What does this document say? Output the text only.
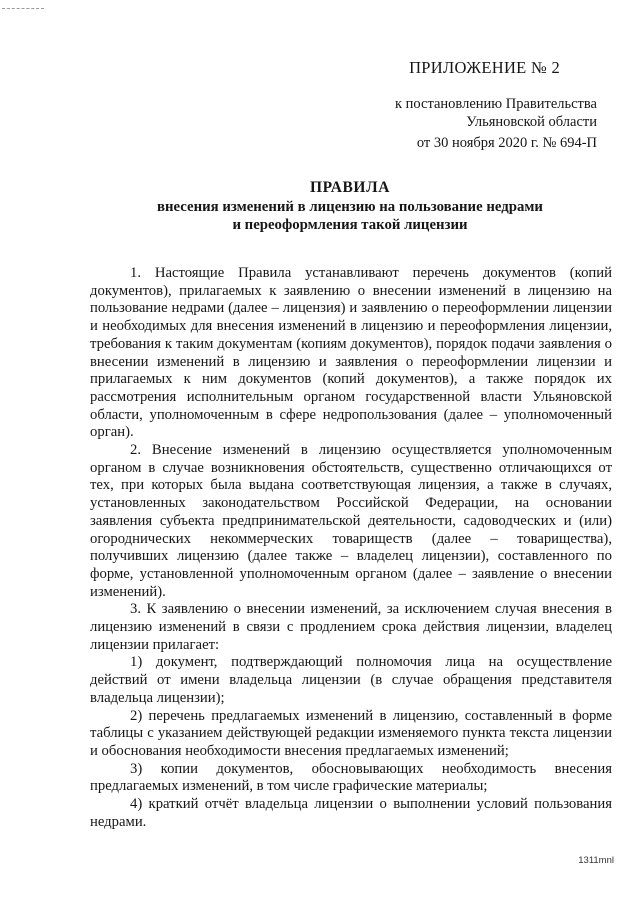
ПРИЛОЖЕНИЕ № 2
к постановлению Правительства
Ульяновской области
от 30 ноября 2020 г. № 694-П
ПРАВИЛА
внесения изменений в лицензию на пользование недрами
и переоформления такой лицензии

1. Настоящие Правила устанавливают перечень документов (копий документов), прилагаемых к заявлению о внесении изменений в лицензию на пользование недрами (далее – лицензия) и заявлению о переоформлении лицензии и необходимых для внесения изменений в лицензию и переоформления лицензии, требования к таким документам (копиям документов), порядок подачи заявления о внесении изменений в лицензию и заявления о переоформлении лицензии и прилагаемых к ним документов (копий документов), а также порядок их рассмотрения исполнительным органом государственной власти Ульяновской области, уполномоченным в сфере недропользования (далее – уполномоченный орган).

2. Внесение изменений в лицензию осуществляется уполномоченным органом в случае возникновения обстоятельств, существенно отличающихся от тех, при которых была выдана соответствующая лицензия, а также в случаях, установленных законодательством Российской Федерации, на основании заявления субъекта предпринимательской деятельности, садоводческих и (или) огороднических некоммерческих товариществ (далее – товарищества), получивших лицензию (далее также – владелец лицензии), составленного по форме, установленной уполномоченным органом (далее – заявление о внесении изменений).

3. К заявлению о внесении изменений, за исключением случая внесения в лицензию изменений в связи с продлением срока действия лицензии, владелец лицензии прилагает:

1) документ, подтверждающий полномочия лица на осуществление действий от имени владельца лицензии (в случае обращения представителя владельца лицензии);

2) перечень предлагаемых изменений в лицензию, составленный в форме таблицы с указанием действующей редакции изменяемого пункта текста лицензии и обоснования необходимости внесения предлагаемых изменений;

3) копии документов, обосновывающих необходимость внесения предлагаемых изменений, в том числе графические материалы;

4) краткий отчёт владельца лицензии о выполнении условий пользования недрами.

1311mnl
